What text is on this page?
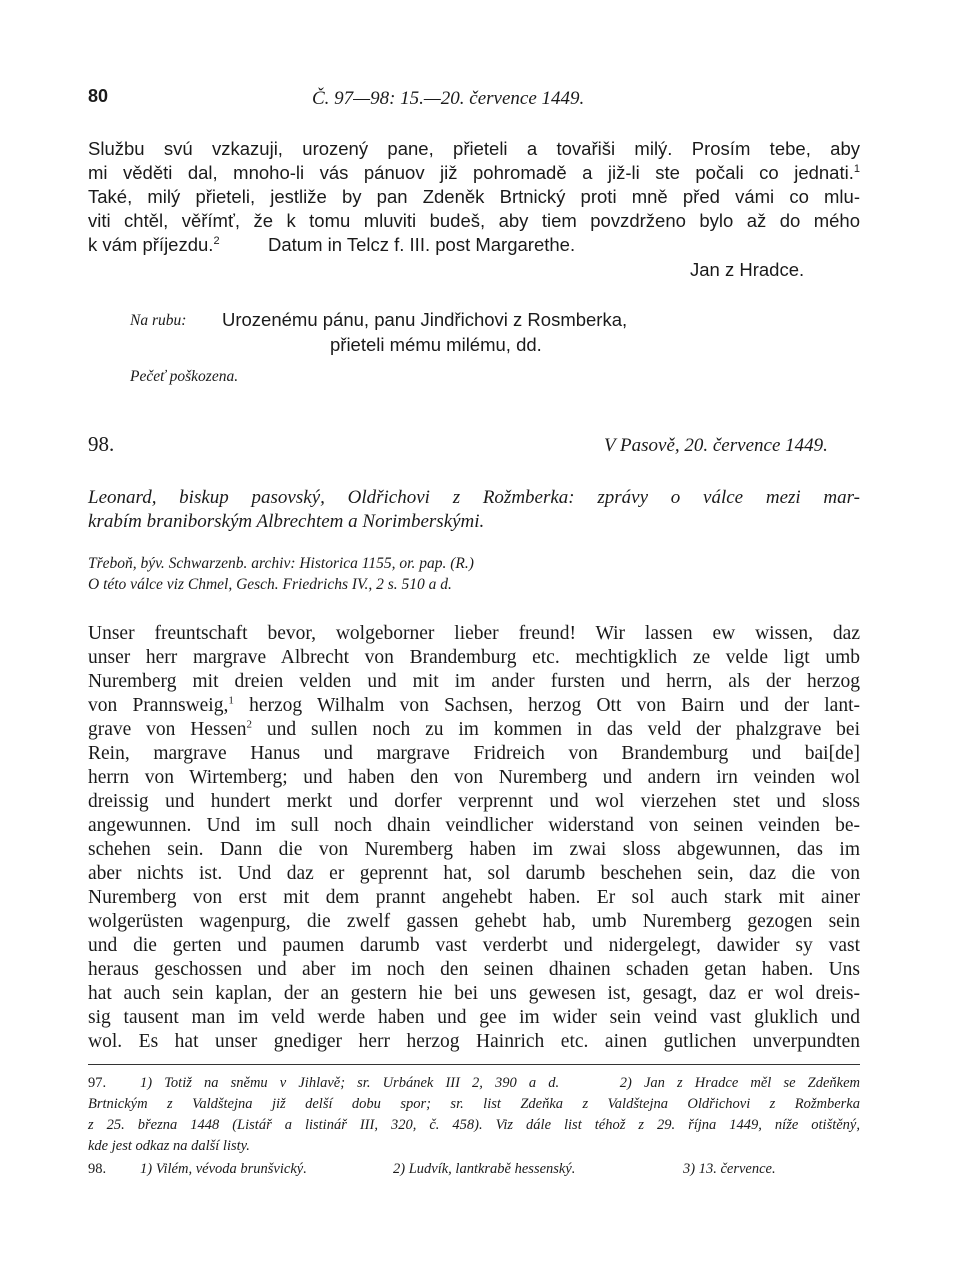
80	Č. 97—98: 15.—20. července 1449.
Službu svú vzkazuji, urozený pane, přieteli a tovařiši milý. Prosím tebe, aby
mi věděti dal, mnoho-li vás pánuov již pohromadě a již-li ste počali co jednati.$^1$
Také, milý přieteli, jestliže by pan Zdeněk Brtnický proti mně před vámi co mlu-
viti chtěl, věřímť, že k tomu mluviti budeš, aby tiem povzdrženo bylo až do mého
k vám příjezdu.$^2$	Datum in Telcz f. III. post Margarethe.
Jan z Hradce.
Na rubu: Urozenému pánu, panu Jindřichovi z Rosmberka,
přieteli mému milému, dd.
Pečeť poškozena.
98.	V Pasově, 20. července 1449.
Leonard, biskup pasovský, Oldřichovi z Rožmberka: zprávy o válce mezi mar-
krabím braniborským Albrechtem a Norimberskými.
Třeboň, býv. Schwarzenb. archiv: Historica 1155, or. pap. (R.)
O této válce viz Chmel, Gesch. Friedrichs IV., 2 s. 510 a d.
Unser freuntschaft bevor, wolgeborner lieber freund! Wir lassen ew wissen, daz
unser herr margrave Albrecht von Brandemburg etc. mechtigklich ze velde ligt umb
Nuremberg mit dreien velden und mit im ander fursten und herrn, als der herzog
von Prannsweig,$^1$ herzog Wilhalm von Sachsen, herzog Ott von Bairn und der lant-
grave von Hessen$^2$ und sullen noch zu im kommen in das veld der phalzgrave bei
Rein, margrave Hanus und margrave Fridreich von Brandemburg und bai[de]
herrn von Wirtemberg; und haben den von Nuremberg und andern irn veinden wol
dreissig und hundert merkt und dorfer verprennt und wol vierzehen stet und sloss
angewunnen. Und im sull noch dhain veindlicher widerstand von seinen veinden be-
schehen sein. Dann die von Nuremberg haben im zwai sloss abgewunnen, das im
aber nichts ist. Und daz er geprennt hat, sol darumb beschehen sein, daz die von
Nuremberg von erst mit dem prannt angehebt haben. Er sol auch stark mit ainer
wolgerüsten wagenpurg, die zwelf gassen gehebt hab, umb Nuremberg gezogen sein
und die gerten und paumen darumb vast verderbt und nidergelegt, dawider sy vast
heraus geschossen und aber im noch den seinen dhainen schaden getan haben. Uns
hat auch sein kaplan, der an gestern hie bei uns gewesen ist, gesagt, daz er wol dreis-
sig tausent man im veld werde haben und gee im wider sein veind vast gluklich und
wol. Es hat unser gnediger herr herzog Hainrich etc. ainen gutlichen unverpundten
97. 1) Totiž na sněmu v Jihlavě; sr. Urbánek III 2, 390 a d.     2) Jan z Hradce měl se Zdeňkem
Brtnickým z Valdštejna již delší dobu spor; sr. list Zdeňka z Valdštejna Oldřichovi z Rožmberka
z 25. března 1448 (Listář a listinář III, 320, č. 458). Viz dále list téhož z 29. října 1449, níže otištěný,
kde jest odkaz na další listy.
98. 1) Vilém, vévoda brunšvický.	2) Ludvík, lantkrabě hessenský.	3) 13. července.
